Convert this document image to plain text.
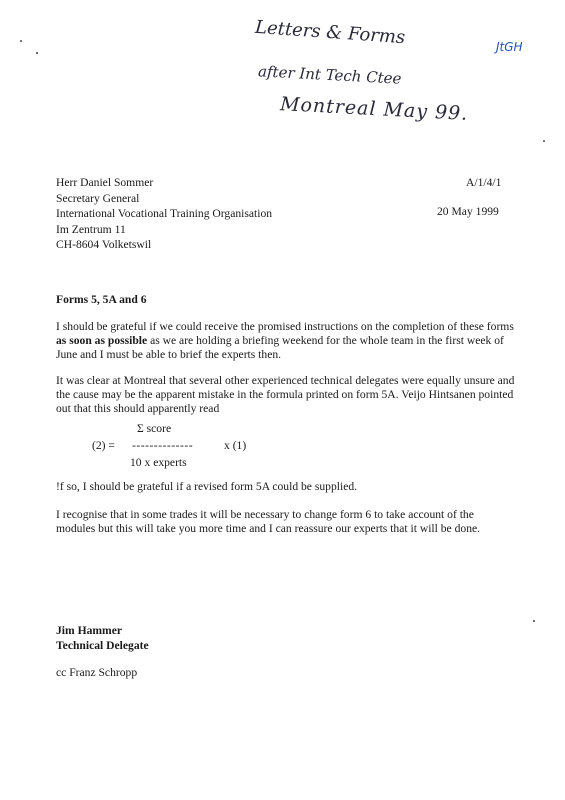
Letters & Forms
after Int Tech Ctee
Montreal May 99.
JtGH
Herr Daniel Sommer
Secretary General
International Vocational Training Organisation
Im Zentrum 11
CH-8604 Volketswil
A/1/4/1
20 May 1999
Forms 5, 5A and 6
I should be grateful if we could receive the promised instructions on the completion of these forms as soon as possible as we are holding a briefing weekend for the whole team in the first week of June and I must be able to brief the experts then.
It was clear at Montreal that several other experienced technical delegates were equally unsure and the cause may be the apparent mistake in the formula printed on form 5A. Veijo Hintsanen pointed out that this should apparently read
(2) =
Σ score
--------------
10 x experts
x (1)
!f so, I should be grateful if a revised form 5A could be supplied.
I recognise that in some trades it will be necessary to change form 6 to take account of the modules but this will take you more time and I can reassure our experts that it will be done.
Jim Hammer
Technical Delegate
cc Franz Schropp
